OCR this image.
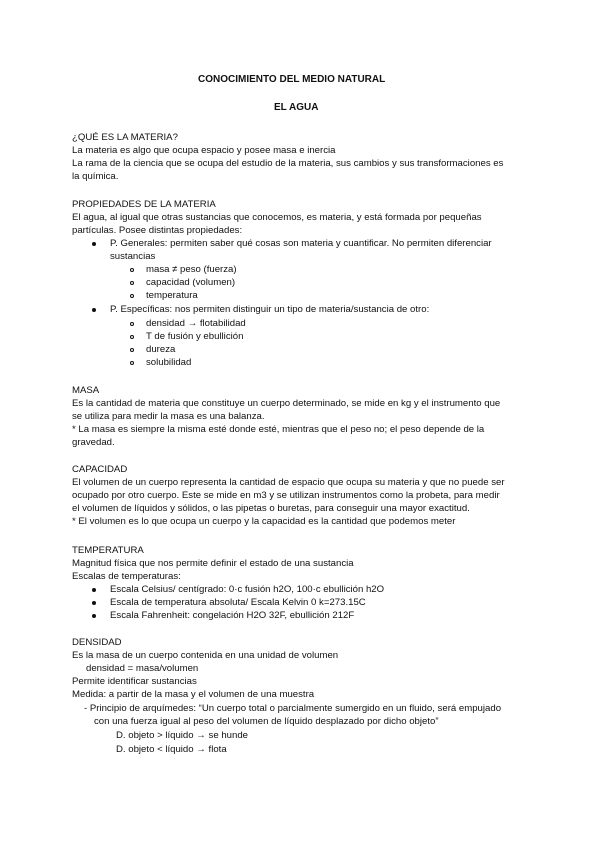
CONOCIMIENTO DEL MEDIO NATURAL
EL AGUA
¿QUÉ ES LA MATERIA?
La materia es algo que ocupa espacio y posee masa e inercia
La rama de la ciencia que se ocupa del estudio de la materia, sus cambios y sus transformaciones es
la química.
PROPIEDADES DE LA MATERIA
El agua, al igual que otras sustancias que conocemos, es materia, y está formada por pequeñas
partículas. Posee distintas propiedades:
P. Generales: permiten saber qué cosas son materia y cuantificar. No permiten diferenciar
sustancias
masa ≠ peso (fuerza)
capacidad (volumen)
temperatura
P. Específicas: nos permiten distinguir un tipo de materia/sustancia de otro:
densidad → flotabilidad
T de fusión y ebullición
dureza
solubilidad
MASA
Es la cantidad de materia que constituye un cuerpo determinado, se mide en kg y el instrumento que
se utiliza para medir la masa es una balanza.
* La masa es siempre la misma esté donde esté, mientras que el peso no; el peso depende de la
gravedad.
CAPACIDAD
El volumen de un cuerpo representa la cantidad de espacio que ocupa su materia y que no puede ser
ocupado por otro cuerpo. Este se mide en m3 y se utilizan instrumentos como la probeta, para medir
el volumen de líquidos y sólidos, o las pipetas o buretas, para conseguir una mayor exactitud.
* El volumen es lo que ocupa un cuerpo y la capacidad es la cantidad que podemos meter
TEMPERATURA
Magnitud física que nos permite definir el estado de una sustancia
Escalas de temperaturas:
Escala Celsius/ centígrado: 0·c fusión h2O, 100·c ebullición h2O
Escala de temperatura absoluta/ Escala Kelvin 0 k=273.15C
Escala Fahrenheit: congelación H2O 32F, ebullición 212F
DENSIDAD
Es la masa de un cuerpo contenida en una unidad de volumen
densidad = masa/volumen
Permite identificar sustancias
Medida: a partir de la masa y el volumen de una muestra
- Principio de arquímedes: “Un cuerpo total o parcialmente sumergido en un fluido, será empujado
con una fuerza igual al peso del volumen de líquido desplazado por dicho objeto”
D. objeto > líquido → se hunde
D. objeto < líquido → flota
